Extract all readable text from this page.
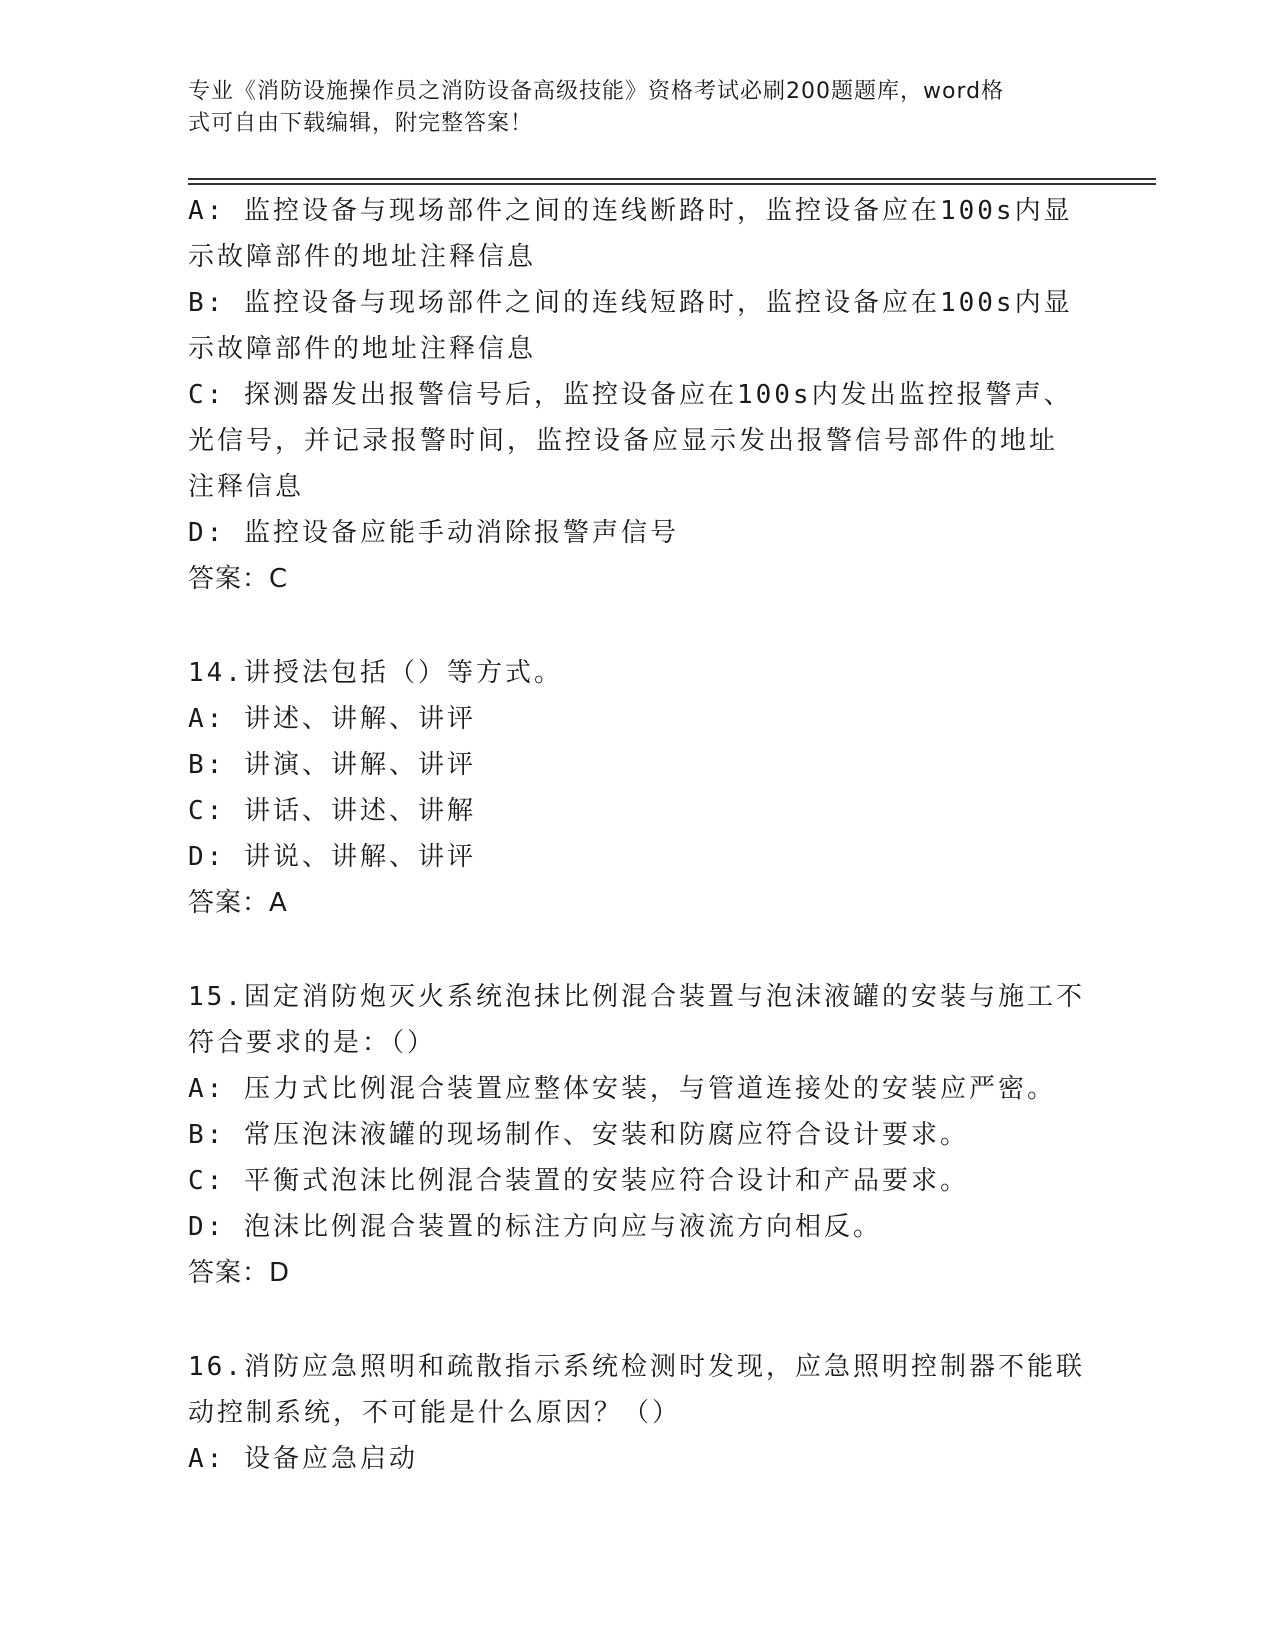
专业《消防设施操作员之消防设备高级技能》资格考试必刷200题题库，word格
式可自由下载编辑，附完整答案！
A: 监控设备与现场部件之间的连线断路时，监控设备应在100s内显
示故障部件的地址注释信息
B: 监控设备与现场部件之间的连线短路时，监控设备应在100s内显
示故障部件的地址注释信息
C: 探测器发出报警信号后，监控设备应在100s内发出监控报警声、
光信号，并记录报警时间，监控设备应显示发出报警信号部件的地址
注释信息
D: 监控设备应能手动消除报警声信号
答案：C
14.讲授法包括（）等方式。
A: 讲述、讲解、讲评
B: 讲演、讲解、讲评
C: 讲话、讲述、讲解
D: 讲说、讲解、讲评
答案：A
15.固定消防炮灭火系统泡抹比例混合装置与泡沫液罐的安装与施工不
符合要求的是：（）
A: 压力式比例混合装置应整体安装，与管道连接处的安装应严密。
B: 常压泡沫液罐的现场制作、安装和防腐应符合设计要求。
C: 平衡式泡沫比例混合装置的安装应符合设计和产品要求。
D: 泡沫比例混合装置的标注方向应与液流方向相反。
答案：D
16.消防应急照明和疏散指示系统检测时发现，应急照明控制器不能联
动控制系统，不可能是什么原因？（）
A: 设备应急启动
